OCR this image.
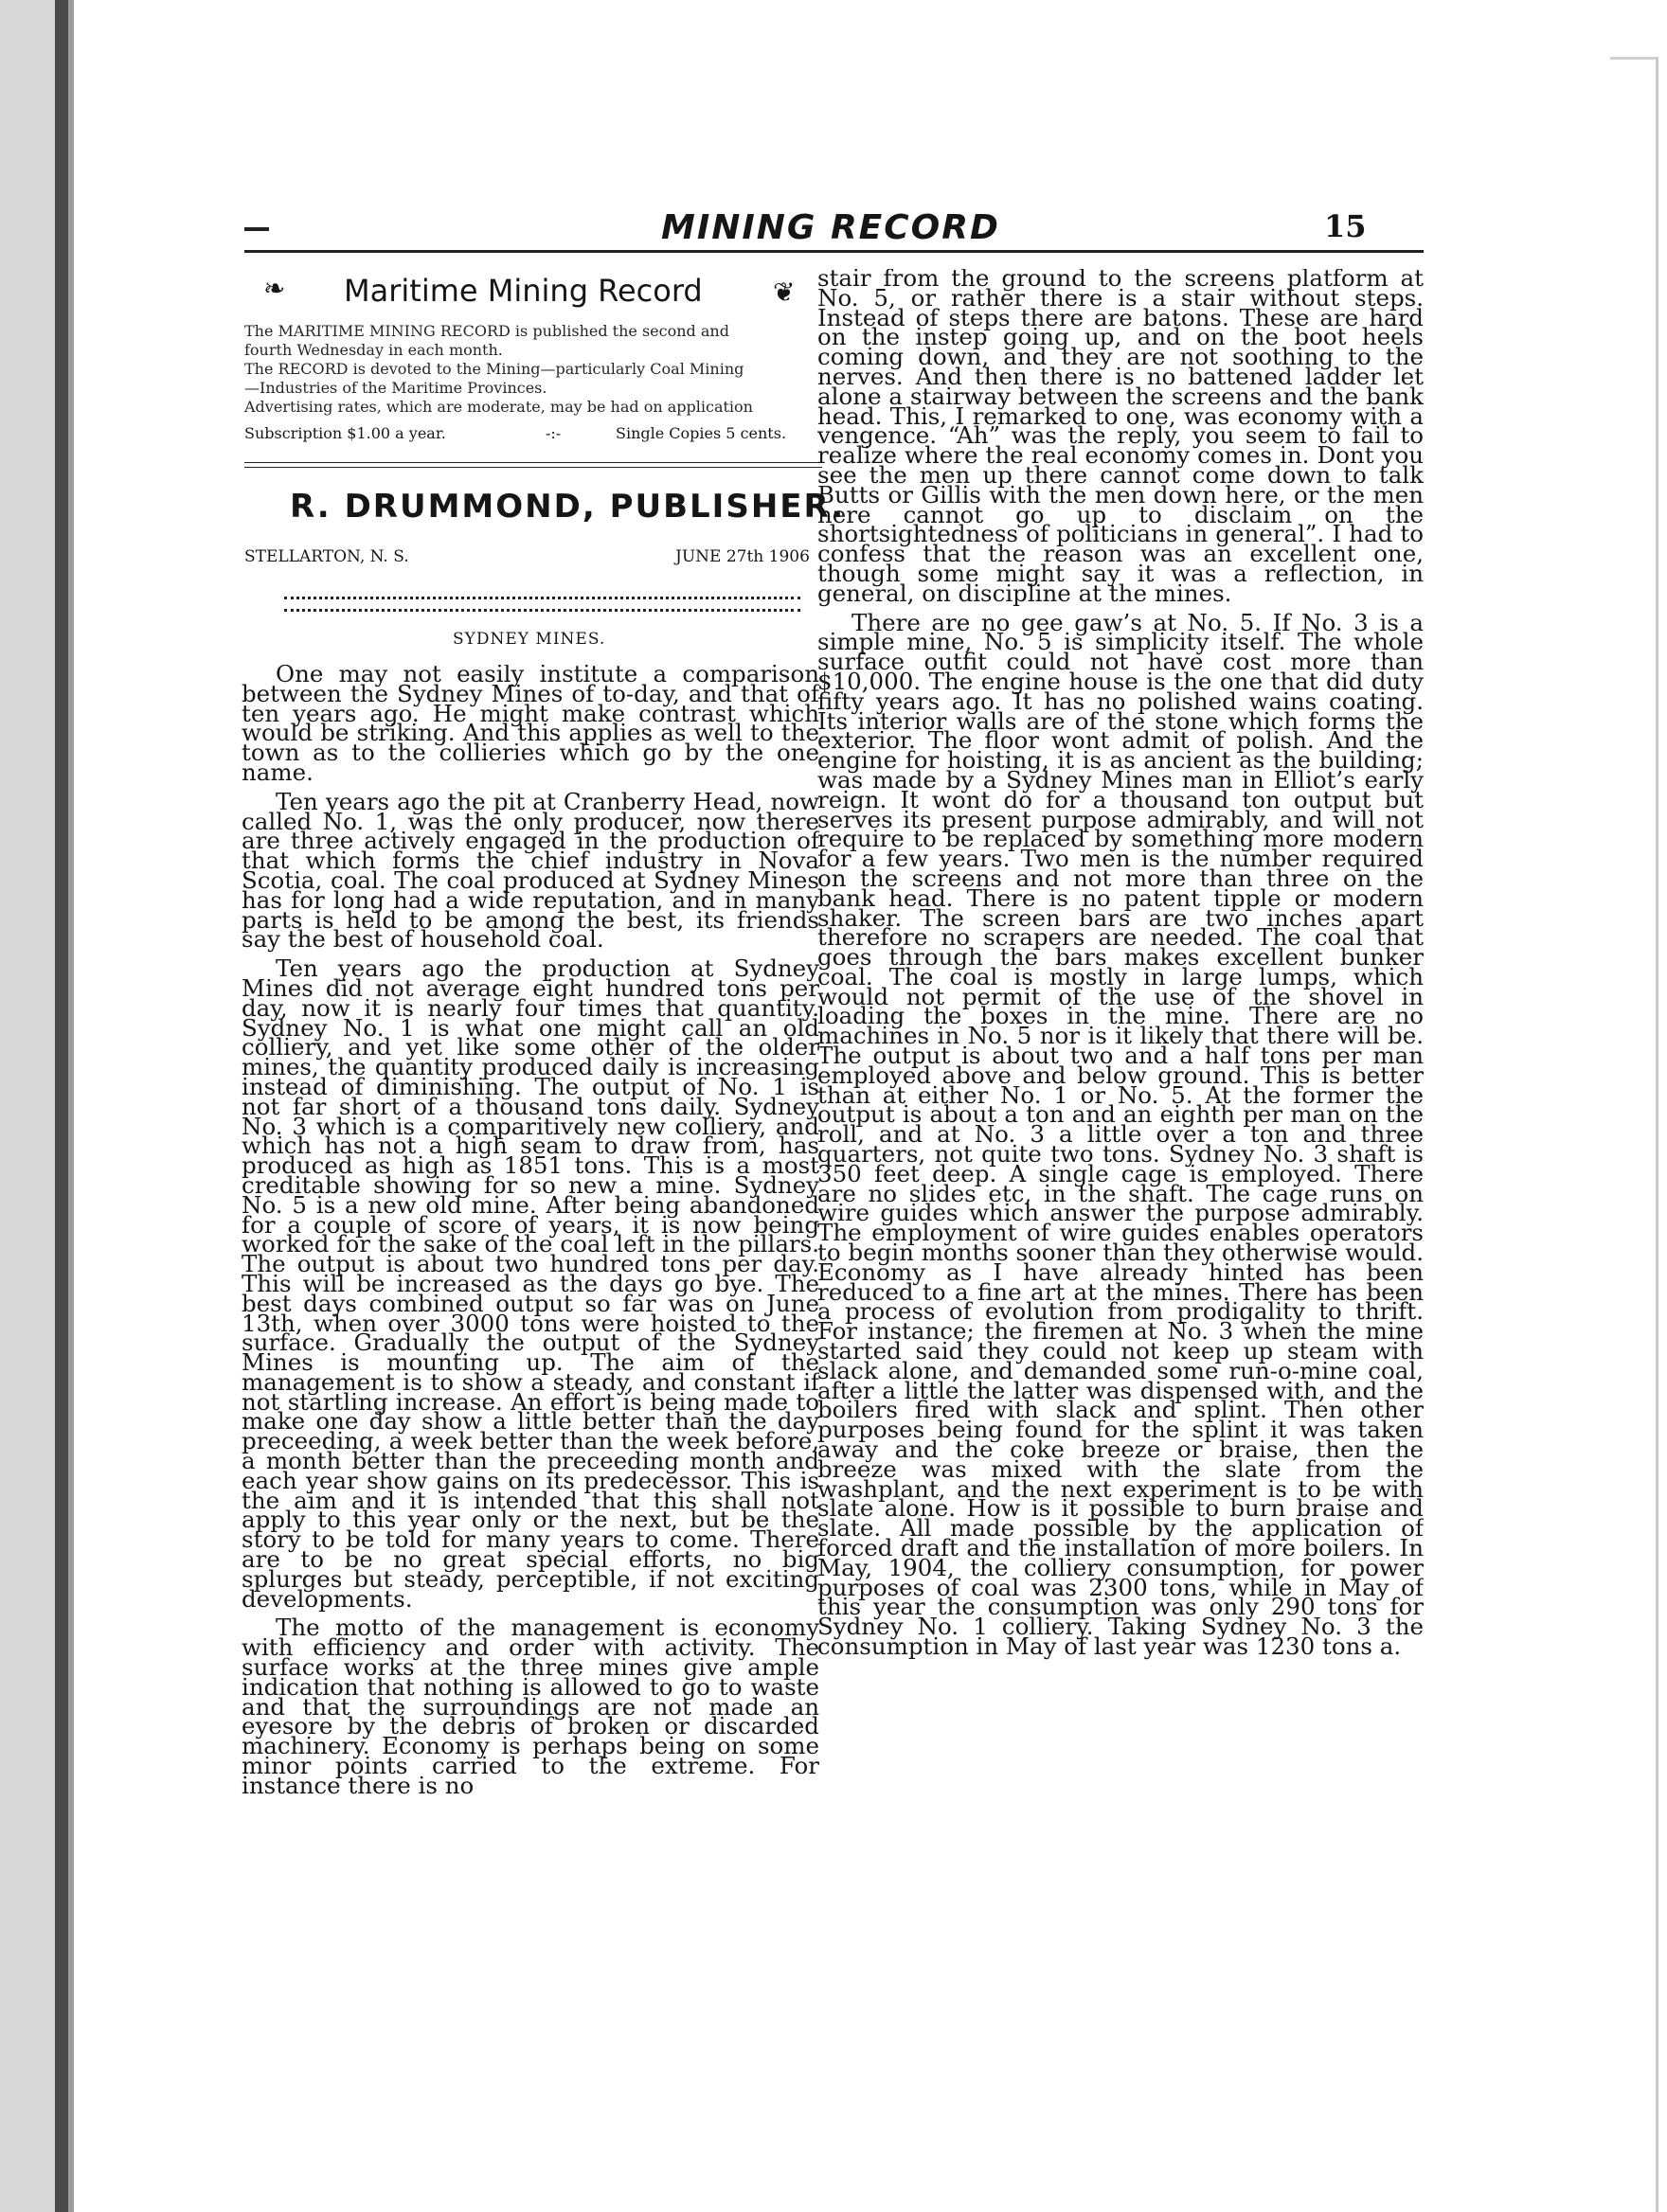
MINING RECORD	15
❧ Maritime Mining Record	❦
The MARITIME MINING RECORD is published the second and
fourth Wednesday in each month.
The RECORD is devoted to the Mining—particularly Coal Mining
—Industries of the Maritime Provinces.
Advertising rates, which are moderate, may be had on application
Subscription $1.00 a year.	-:-	Single Copies 5 cents.
R. DRUMMOND, PUBLISHER.
STELLARTON, N. S.	JUNE 27th 1906
SYDNEY MINES.

One may not easily institute a comparison between the Sydney Mines of to-day, and that of ten years ago. He might make contrast which would be striking. And this applies as well to the town as to the collieries which go by the one name.

Ten years ago the pit at Cranberry Head, now called No. 1, was the only producer, now there are three actively engaged in the production of that which forms the chief industry in Nova Scotia, coal. The coal produced at Sydney Mines has for long had a wide reputation, and in many parts is held to be among the best, its friends say the best of household coal.

Ten years ago the production at Sydney Mines did not average eight hundred tons per day, now it is nearly four times that quantity. Sydney No. 1 is what one might call an old colliery, and yet like some other of the older mines, the quantity produced daily is increasing instead of diminishing. The output of No. 1 is not far short of a thousand tons daily. Sydney No. 3 which is a comparitively new colliery, and which has not a high seam to draw from, has produced as high as 1851 tons. This is a most creditable showing for so new a mine. Sydney No. 5 is a new old mine. After being abandoned for a couple of score of years, it is now being worked for the sake of the coal left in the pillars. The output is about two hundred tons per day. This will be increased as the days go bye. The best days combined output so far was on June 13th, when over 3000 tons were hoisted to the surface. Gradually the output of the Sydney Mines is mounting up. The aim of the management is to show a steady, and constant if not startling increase. An effort is being made to make one day show a little better than the day preceeding, a week better than the week before, a month better than the preceeding month and each year show gains on its predecessor. This is the aim and it is intended that this shall not apply to this year only or the next, but be the story to be told for many years to come. There are to be no great special efforts, no big splurges but steady, perceptible, if not exciting developments.

The motto of the management is economy with efficiency and order with activity. The surface works at the three mines give ample indication that nothing is allowed to go to waste and that the surroundings are not made an eyesore by the debris of broken or discarded machinery. Economy is perhaps being on some minor points carried to the extreme. For instance there is no

stair from the ground to the screens platform at No. 5, or rather there is a stair without steps. Instead of steps there are batons. These are hard on the instep going up, and on the boot heels coming down, and they are not soothing to the nerves. And then there is no battened ladder let alone a stairway between the screens and the bank head. This, I remarked to one, was economy with a vengence. “Ah” was the reply, you seem to fail to realize where the real economy comes in. Dont you see the men up there cannot come down to talk Butts or Gillis with the men down here, or the men here cannot go up to disclaim on the shortsightedness of politicians in general”. I had to confess that the reason was an excellent one, though some might say it was a reflection, in general, on discipline at the mines.

There are no gee gaw’s at No. 5. If No. 3 is a simple mine, No. 5 is simplicity itself. The whole surface outfit could not have cost more than $10,000. The engine house is the one that did duty fifty years ago. It has no polished wains coating. Its interior walls are of the stone which forms the exterior. The floor wont admit of polish. And the engine for hoisting, it is as ancient as the building; was made by a Sydney Mines man in Elliot’s early reign. It wont do for a thousand ton output but serves its present purpose admirably, and will not require to be replaced by something more modern for a few years. Two men is the number required on the screens and not more than three on the bank head. There is no patent tipple or modern shaker. The screen bars are two inches apart therefore no scrapers are needed. The coal that goes through the bars makes excellent bunker coal. The coal is mostly in large lumps, which would not permit of the use of the shovel in loading the boxes in the mine. There are no machines in No. 5 nor is it likely that there will be. The output is about two and a half tons per man employed above and below ground. This is better than at either No. 1 or No. 5. At the former the output is about a ton and an eighth per man on the roll, and at No. 3 a little over a ton and three quarters, not quite two tons. Sydney No. 3 shaft is 350 feet deep. A single cage is employed. There are no slides etc, in the shaft. The cage runs on wire guides which answer the purpose admirably. The employment of wire guides enables operators to begin months sooner than they otherwise would. Economy as I have already hinted has been reduced to a fine art at the mines. There has been a process of evolution from prodigality to thrift. For instance; the firemen at No. 3 when the mine started said they could not keep up steam with slack alone, and demanded some run-o-mine coal, after a little the latter was dispensed with, and the boilers fired with slack and splint. Then other purposes being found for the splint it was taken away and the coke breeze or braise, then the breeze was mixed with the slate from the washplant, and the next experiment is to be with slate alone. How is it possible to burn braise and slate. All made possible by the application of forced draft and the installation of more boilers. In May, 1904, the colliery consumption, for power purposes of coal was 2300 tons, while in May of this year the consumption was only 290 tons for Sydney No. 1 colliery. Taking Sydney No. 3 the consumption in May of last year was 1230 tons a.
